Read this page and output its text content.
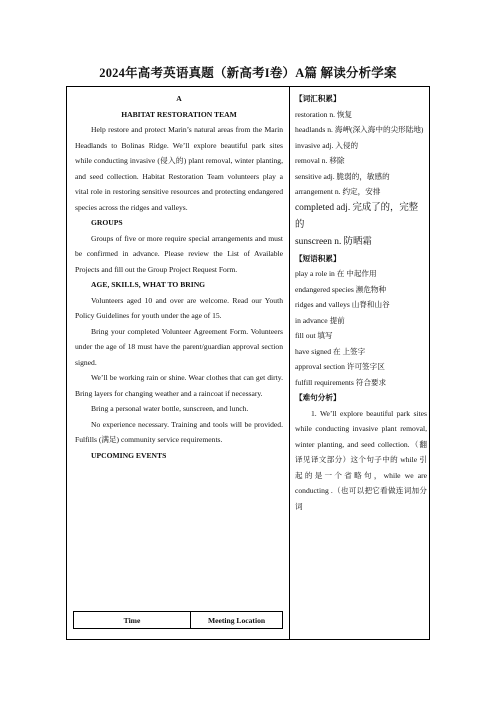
2024年高考英语真题（新高考I卷）A篇 解读分析学案

A

HABITAT RESTORATION TEAM

Help restore and protect Marin’s natural areas from the Marin Headlands to Bolinas Ridge. We’ll explore beautiful park sites while conducting invasive (侵入的) plant removal, winter planting, and seed collection. Habitat Restoration Team volunteers play a vital role in restoring sensitive resources and protecting endangered species across the ridges and valleys.

GROUPS

Groups of five or more require special arrangements and must be confirmed in advance. Please review the List of Available Projects and fill out the Group Project Request Form.

AGE, SKILLS, WHAT TO BRING

Volunteers aged 10 and over are welcome. Read our Youth Policy Guidelines for youth under the age of 15.

Bring your completed Volunteer Agreement Form. Volunteers under the age of 18 must have the parent/guardian approval section signed.

We’ll be working rain or shine. Wear clothes that can get dirty. Bring layers for changing weather and a raincoat if necessary.

Bring a personal water bottle, sunscreen, and lunch.

No experience necessary. Training and tools will be provided. Fulfills (满足) community service requirements.

UPCOMING EVENTS

Time	Meeting Location

【词汇积累】

restoration n. 恢复

headlands n. 海岬(深入海中的尖形陆地)

invasive adj. 入侵的

removal n. 移除

sensitive adj. 脆弱的，敏感的

arrangement n. 约定，安排

completed adj. 完成了的，完整的

sunscreen n. 防晒霜

【短语积累】

play a role in 在 中起作用

endangered species 濒危物种

ridges and valleys 山脊和山谷

in advance 提前

fill out 填写

have signed 在 上签字

approval section 许可签字区

fulfill requirements 符合要求

【难句分析】

1. We’ll explore beautiful park sites while conducting invasive plant removal, winter planting, and seed collection.（翻译见译文部分）这个句子中的 while 引起的是一个省略句，while we are conducting .（也可以把它看做连词加分词
